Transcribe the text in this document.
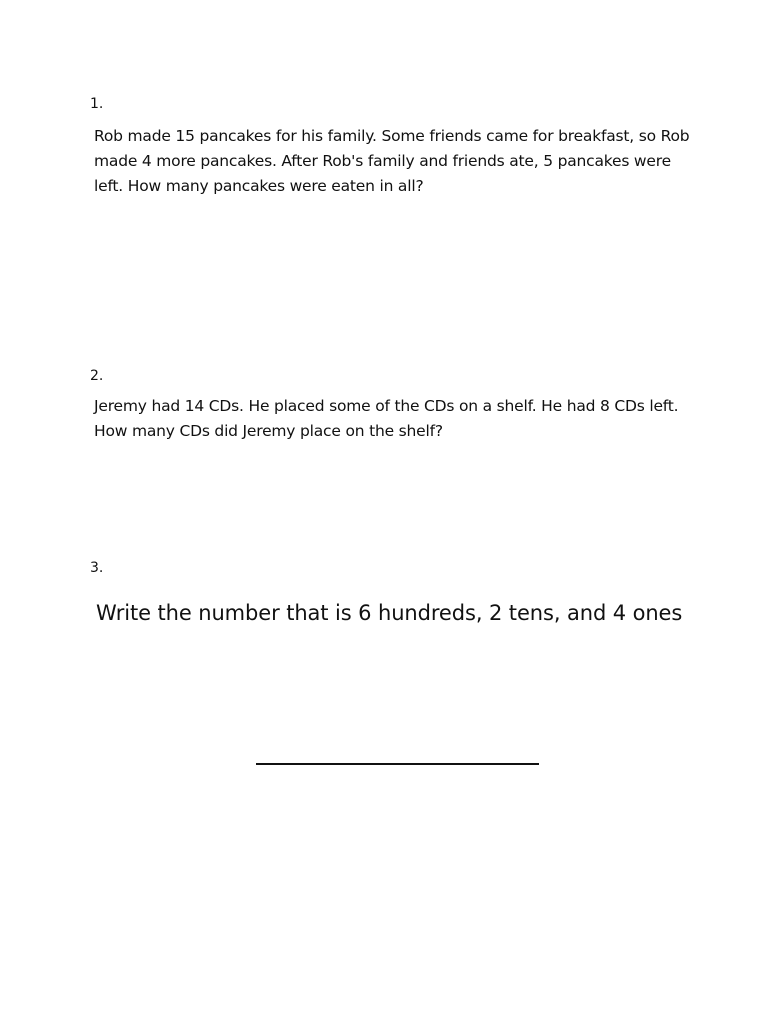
1.

Rob made 15 pancakes for his family. Some friends came for breakfast, so Rob made 4 more pancakes. After Rob's family and friends ate, 5 pancakes were left. How many pancakes were eaten in all?

2.

Jeremy had 14 CDs. He placed some of the CDs on a shelf. He had 8 CDs left. How many CDs did Jeremy place on the shelf?

3.

Write the number that is 6 hundreds, 2 tens, and 4 ones
